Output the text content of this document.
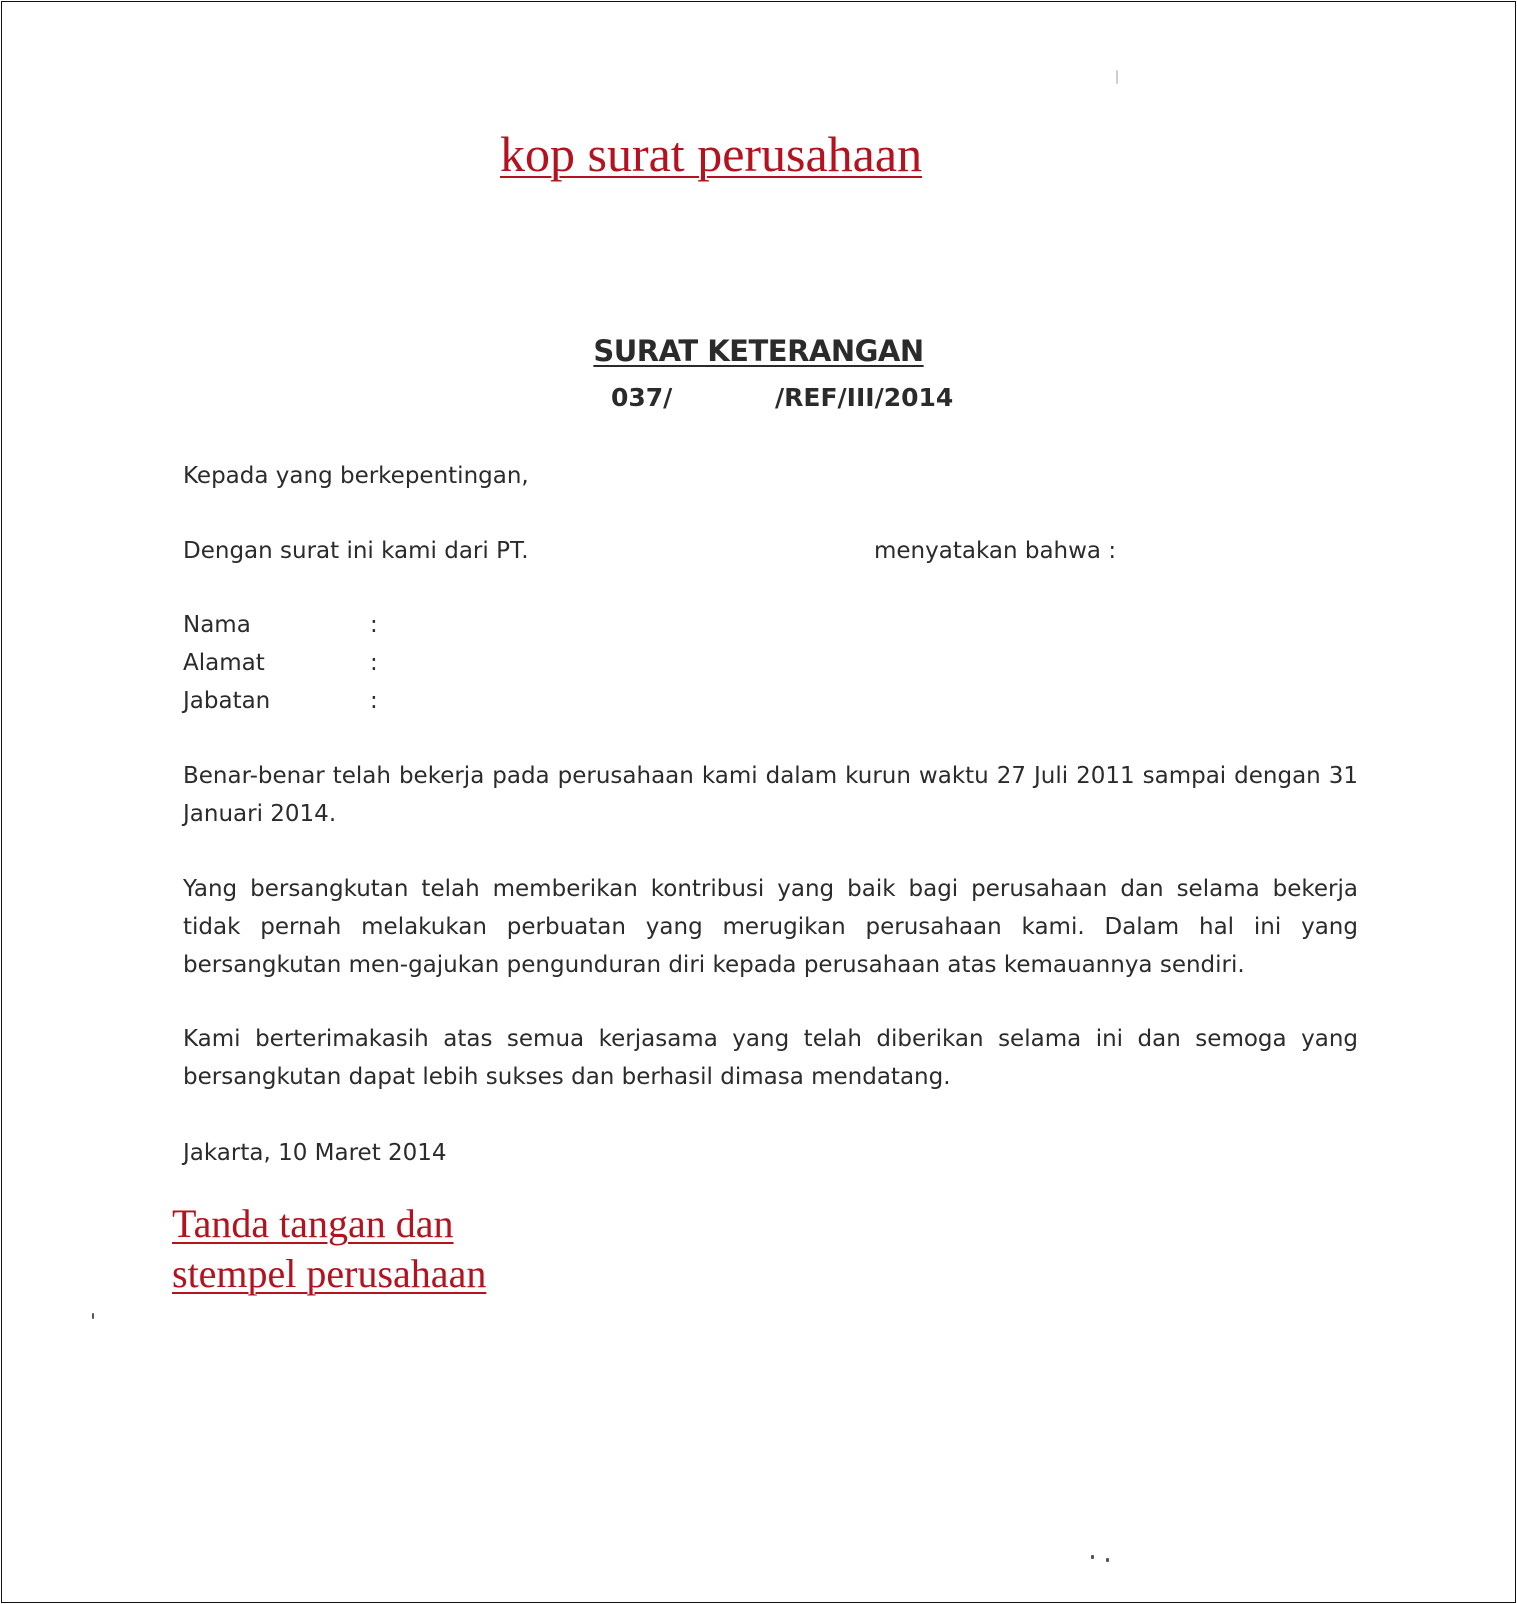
kop surat perusahaan
SURAT KETERANGAN
037/	/REF/III/2014
Kepada yang berkepentingan,
Dengan surat ini kami dari PT.	menyatakan bahwa :
Nama	:
Alamat	:
Jabatan	:
Benar-benar telah bekerja pada perusahaan kami dalam kurun waktu 27 Juli 2011 sampai dengan 31 Januari 2014.
Yang bersangkutan telah memberikan kontribusi yang baik bagi perusahaan dan selama bekerja tidak pernah melakukan perbuatan yang merugikan perusahaan kami. Dalam hal ini yang bersangkutan men-gajukan pengunduran diri kepada perusahaan atas kemauannya sendiri.
Kami berterimakasih atas semua kerjasama yang telah diberikan selama ini dan semoga yang bersangkutan dapat lebih sukses dan berhasil dimasa mendatang.
Jakarta, 10 Maret 2014
Tanda tangan dan
stempel perusahaan
